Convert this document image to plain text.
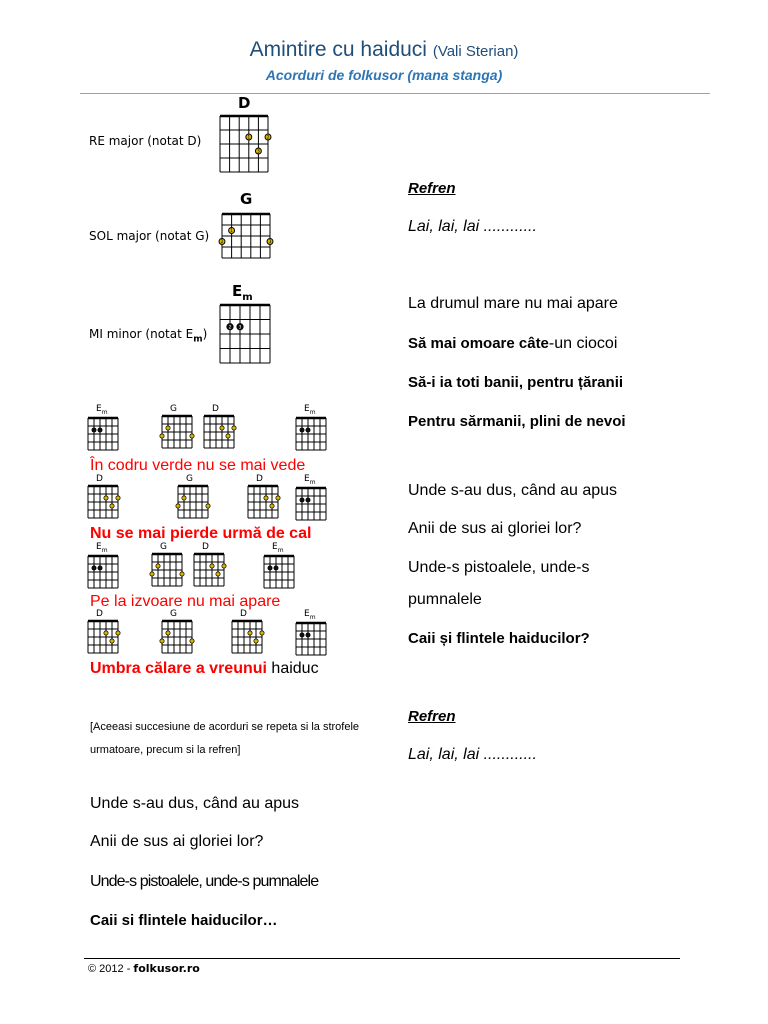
Amintire cu haiduci (Vali Sterian)
Acorduri de folkusor (mana stanga)
RE major (notat D)
SOL major (notat G)
MI minor (notat $E_m$)
D
1	2
3
G
1
2	3
$E_m$
2 3
$E_m$	G	D	$E_m$
D	G	D	$E_m$
$E_m$	G	D	$E_m$
D	G	D	$E_m$
În codru verde nu se mai vede
Nu se mai pierde urmă de cal
Pe la izvoare nu mai apare
Umbra călare a vreunui haiduc
[Aceeasi succesiune de acorduri se repeta si la strofele urmatoare, precum si la refren]
Unde s-au dus, când au apus
Anii de sus ai gloriei lor?
Unde-s pistoalele, unde-s pumnalele
Caii si flintele haiducilor…
Refren
Lai, lai, lai ............
La drumul mare nu mai apare
Să mai omoare câte-un ciocoi
Să-i ia toti banii, pentru țăranii
Pentru sărmanii, plini de nevoi
Unde s-au dus, când au apus
Anii de sus ai gloriei lor?
Unde-s pistoalele, unde-s
pumnalele
Caii și flintele haiducilor?
Refren
Lai, lai, lai ............
© 2012 - folkusor.ro
